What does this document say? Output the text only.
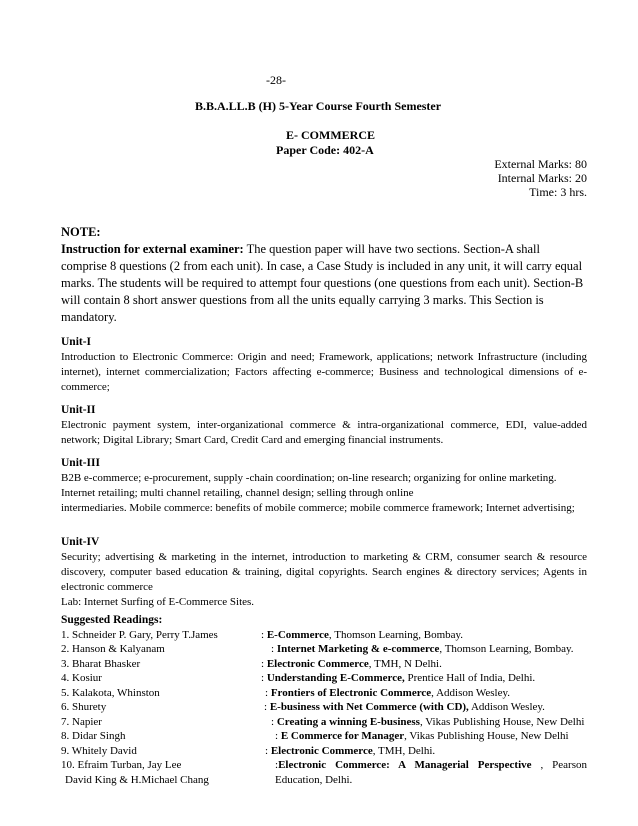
-28-
B.B.A.LL.B (H) 5-Year Course Fourth Semester
E- COMMERCE
Paper Code: 402-A
External Marks: 80
Internal Marks: 20
Time: 3 hrs.
NOTE:
Instruction for external examiner: The question paper will have two sections. Section-A shall comprise 8 questions (2 from each unit). In case, a Case Study is included in any unit, it will carry equal marks. The students will be required to attempt four questions (one questions from each unit). Section-B will contain 8 short answer questions from all the units equally carrying 3 marks. This Section is mandatory.
Unit-I
Introduction to Electronic Commerce: Origin and need; Framework, applications; network Infrastructure (including internet), internet commercialization; Factors affecting e-commerce; Business and technological dimensions of e-commerce;
Unit-II
Electronic payment system, inter-organizational commerce & intra-organizational commerce, EDI, value-added network; Digital Library; Smart Card, Credit Card and emerging financial instruments.
Unit-III
B2B e-commerce; e-procurement, supply -chain coordination; on-line research; organizing for online marketing. Internet retailing; multi channel retailing, channel design; selling through online
intermediaries. Mobile commerce: benefits of mobile commerce; mobile commerce framework; Internet advertising;
Unit-IV
Security; advertising & marketing in the internet, introduction to marketing & CRM, consumer search & resource discovery, computer based education & training, digital copyrights. Search engines & directory services; Agents in electronic commerce
Lab: Internet Surfing of E-Commerce Sites.
Suggested Readings:
1. Schneider P. Gary, Perry T.James	: E-Commerce, Thomson Learning, Bombay.
2. Hanson & Kalyanam	: Internet Marketing & e-commerce, Thomson Learning, Bombay.
3. Bharat Bhasker	: Electronic Commerce, TMH, N Delhi.
4. Kosiur	: Understanding E-Commerce, Prentice Hall of India, Delhi.
5. Kalakota, Whinston	: Frontiers of Electronic Commerce, Addison Wesley.
6. Shurety	: E-business with Net Commerce (with CD), Addison Wesley.
7. Napier	: Creating a winning E-business, Vikas Publishing House, New Delhi
8. Didar Singh	: E Commerce for Manager, Vikas Publishing House, New Delhi
9. Whitely David	: Electronic Commerce, TMH, Delhi.
10. Efraim Turban, Jay Lee
David King & H.Michael Chang:Electronic Commerce: A Managerial Perspective , Pearson Education, Delhi.
